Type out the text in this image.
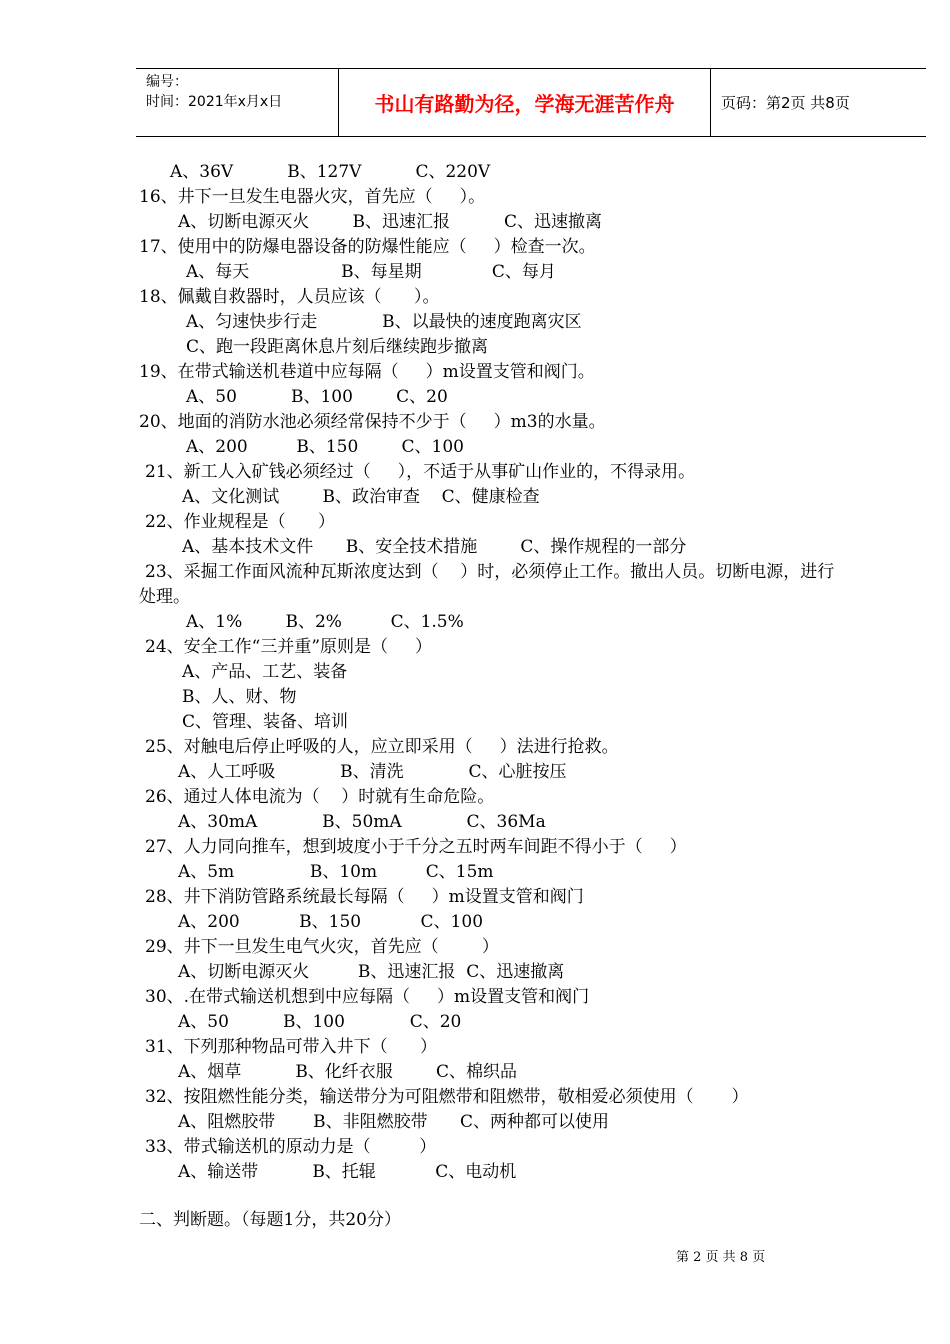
编号：
时间：2021年x月x日	书山有路勤为径，学海无涯苦作舟	页码：第2页 共8页
A、36V          B、127V          C、220V
16、井下一旦发生电器火灾，首先应（     ）。
A、切断电源灭火        B、迅速汇报          C、迅速撤离
17、使用中的防爆电器设备的防爆性能应（     ）检查一次。
A、每天                 B、每星期             C、每月
18、佩戴自救器时，人员应该（      ）。
A、匀速快步行走            B、以最快的速度跑离灾区
C、跑一段距离休息片刻后继续跑步撤离
19、在带式输送机巷道中应每隔（     ）m设置支管和阀门。
A、50          B、100        C、20
20、地面的消防水池必须经常保持不少于（     ）m3的水量。
A、200         B、150        C、100
21、新工人入矿钱必须经过（     ），不适于从事矿山作业的，不得录用。
A、文化测试        B、政治审查    C、健康检查
22、作业规程是（      ）
A、基本技术文件      B、安全技术措施        C、操作规程的一部分
23、采掘工作面风流种瓦斯浓度达到（    ）时，必须停止工作。撤出人员。切断电源，进行
处理。
A、1%        B、2%         C、1.5%
24、安全工作“三并重”原则是（     ）
A、产品、工艺、装备
B、人、财、物
C、管理、装备、培训
25、对触电后停止呼吸的人，应立即采用（     ）法进行抢救。
A、人工呼吸            B、清洗            C、心脏按压
26、通过人体电流为（    ）时就有生命危险。
A、30mA            B、50mA            C、36Ma
27、人力同向推车，想到坡度小于千分之五时两车间距不得小于（     ）
A、5m              B、10m         C、15m
28、井下消防管路系统最长每隔（     ）m设置支管和阀门
A、200           B、150           C、100
29、井下一旦发生电气火灾，首先应（        ）
A、切断电源灭火         B、迅速汇报  C、迅速撤离
30、.在带式输送机想到中应每隔（     ）m设置支管和阀门
A、50          B、100            C、20
31、下列那种物品可带入井下（      ）
A、烟草          B、化纤衣服        C、棉织品
32、按阻燃性能分类，输送带分为可阻燃带和阻燃带，敬相爱必须使用（       ）
A、阻燃胶带       B、非阻燃胶带      C、两种都可以使用
33、带式输送机的原动力是（         ）
A、输送带          B、托辊           C、电动机
二、判断题。（每题1分，共20分）
第 2 页 共 8 页
